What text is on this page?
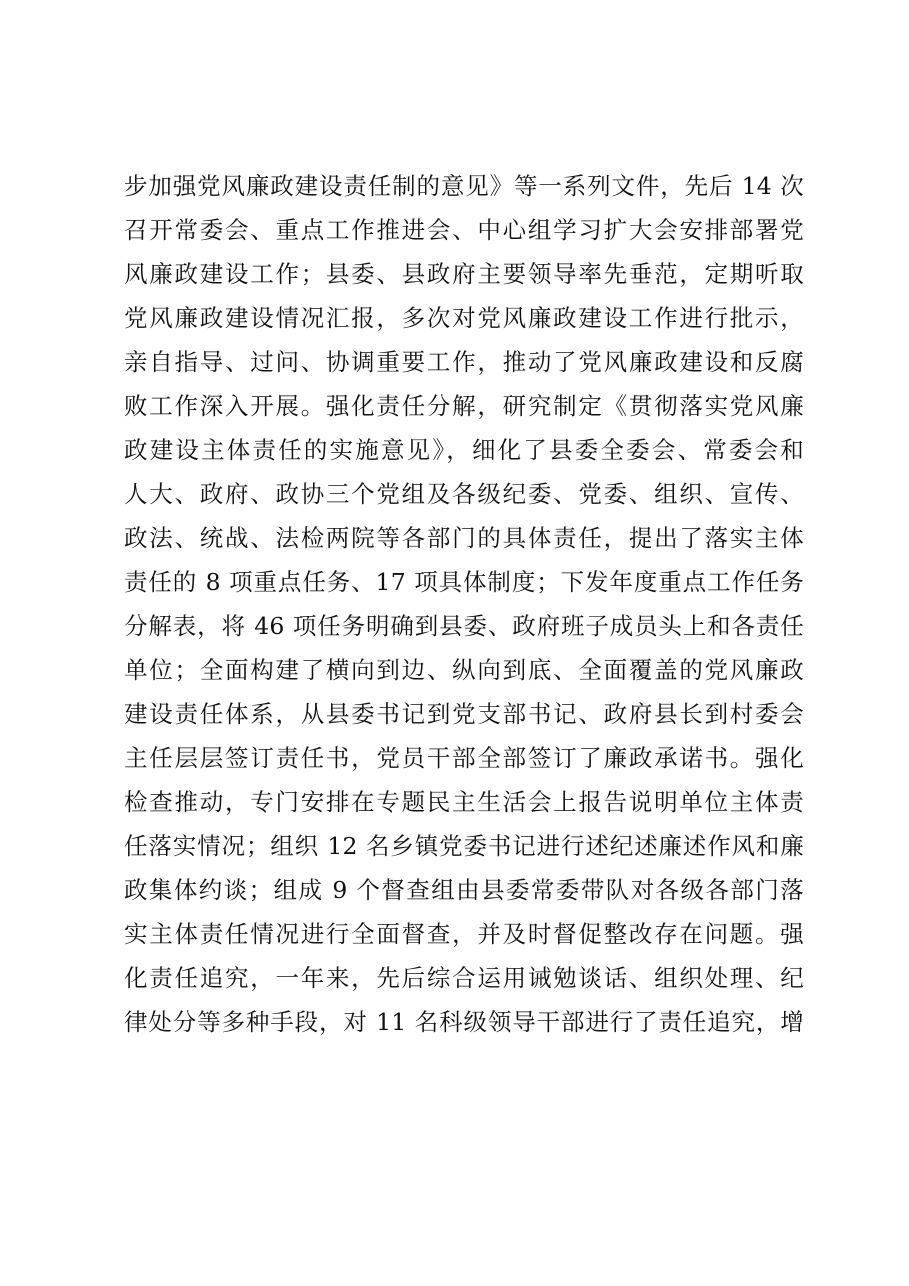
步加强党风廉政建设责任制的意见》等一系列文件，先后 14 次
召开常委会、重点工作推进会、中心组学习扩大会安排部署党
风廉政建设工作；县委、县政府主要领导率先垂范，定期听取
党风廉政建设情况汇报，多次对党风廉政建设工作进行批示，
亲自指导、过问、协调重要工作，推动了党风廉政建设和反腐
败工作深入开展。强化责任分解，研究制定《贯彻落实党风廉
政建设主体责任的实施意见》，细化了县委全委会、常委会和
人大、政府、政协三个党组及各级纪委、党委、组织、宣传、
政法、统战、法检两院等各部门的具体责任，提出了落实主体
责任的 8 项重点任务、17 项具体制度；下发年度重点工作任务
分解表，将 46 项任务明确到县委、政府班子成员头上和各责任
单位；全面构建了横向到边、纵向到底、全面覆盖的党风廉政
建设责任体系，从县委书记到党支部书记、政府县长到村委会
主任层层签订责任书，党员干部全部签订了廉政承诺书。强化
检查推动，专门安排在专题民主生活会上报告说明单位主体责
任落实情况；组织 12 名乡镇党委书记进行述纪述廉述作风和廉
政集体约谈；组成 9 个督查组由县委常委带队对各级各部门落
实主体责任情况进行全面督查，并及时督促整改存在问题。强
化责任追究，一年来，先后综合运用诫勉谈话、组织处理、纪
律处分等多种手段，对 11 名科级领导干部进行了责任追究，增
